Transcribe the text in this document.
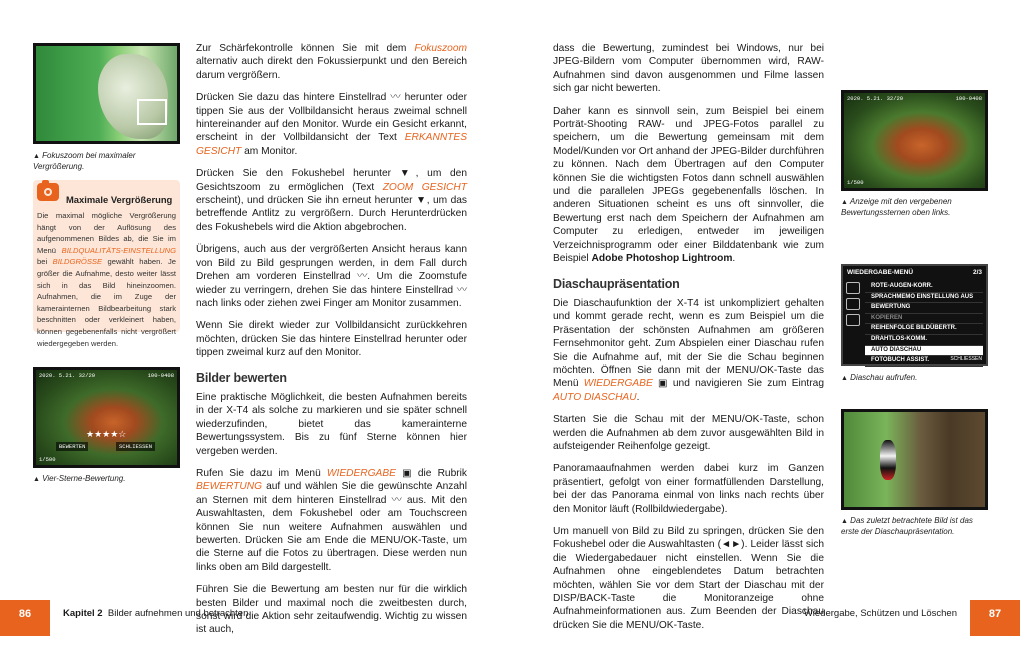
▲ Fokuszoom bei maximaler Vergrößerung.
Maximale Vergrößerung
Die maximal mögliche Vergrößerung hängt von der Auflösung des aufgenommenen Bildes ab, die Sie im Menü BILDQUALITÄTS-EINSTELLUNG bei BILDGRÖSSE gewählt haben. Je größer die Aufnahme, desto weiter lässt sich in das Bild hineinzoomen. Aufnahmen, die im Zuge der kamerainternen Bildbearbeitung stark beschnitten oder verkleinert haben, können gegebenenfalls nicht vergrößert wiedergegeben werden.
2020. 5.21. 32/20	100-0408
★★★★☆
BEWERTEN	SCHLIESSEN
1/500
▲ Vier-Sterne-Bewertung.

Zur Schärfekontrolle können Sie mit dem Fokuszoom alternativ auch direkt den Fokussierpunkt und den Bereich darum vergrößern.

Drücken Sie dazu das hintere Einstellrad 〰 herunter oder tippen Sie aus der Vollbildansicht heraus zweimal schnell hintereinander auf den Monitor. Wurde ein Gesicht erkannt, erscheint in der Vollbildansicht der Text ERKANNTES GESICHT am Monitor.

Drücken Sie den Fokushebel herunter ▼, um den Gesichtszoom zu ermöglichen (Text ZOOM GESICHT erscheint), und drücken Sie ihn erneut herunter ▼, um das betreffende Antlitz zu vergrößern. Durch Herunterdrücken des Fokushebels wird die Aktion abgebrochen.

Übrigens, auch aus der vergrößerten Ansicht heraus kann von Bild zu Bild gesprungen werden, in dem Fall durch Drehen am vorderen Einstellrad 〰. Um die Zoomstufe wieder zu verringern, drehen Sie das hintere Einstellrad 〰 nach links oder ziehen zwei Finger am Monitor zusammen.

Wenn Sie direkt wieder zur Vollbildansicht zurückkehren möchten, drücken Sie das hintere Einstellrad herunter oder tippen zweimal kurz auf den Monitor.

Bilder bewerten

Eine praktische Möglichkeit, die besten Aufnahmen bereits in der X-T4 als solche zu markieren und sie später schnell wiederzufinden, bietet das kamerainterne Bewertungssystem. Bis zu fünf Sterne können hier vergeben werden.

Rufen Sie dazu im Menü WIEDERGABE ▣ die Rubrik BEWERTUNG auf und wählen Sie die gewünschte Anzahl an Sternen mit dem hinteren Einstellrad 〰 aus. Mit den Auswahltasten, dem Fokushebel oder am Touchscreen können Sie nun weitere Aufnahmen auswählen und bewerten. Drücken Sie am Ende die MENU/OK-Taste, um die Sterne auf die Fotos zu übertragen. Diese werden nun links oben am Bild dargestellt.

Führen Sie die Bewertung am besten nur für die wirklich besten Bilder und maximal noch die zweitbesten durch, sonst wird die Aktion sehr zeitaufwendig. Wichtig zu wissen ist auch,

dass die Bewertung, zumindest bei Windows, nur bei JPEG-Bildern vom Computer übernommen wird, RAW-Aufnahmen sind davon ausgenommen und Filme lassen sich gar nicht bewerten.

Daher kann es sinnvoll sein, zum Beispiel bei einem Porträt-Shooting RAW- und JPEG-Fotos parallel zu speichern, um die Bewertung gemeinsam mit dem Model/Kunden vor Ort anhand der JPEG-Bilder durchführen zu können. Nach dem Übertragen auf den Computer können Sie die wichtigsten Fotos dann schnell auswählen und die parallelen JPEGs gegebenenfalls löschen. In anderen Situationen scheint es uns oft sinnvoller, die Bewertung erst nach dem Speichern der Aufnahmen am Computer zu erledigen, entweder im jeweiligen Verzeichnisprogramm oder einer Bilddatenbank wie zum Beispiel Adobe Photoshop Lightroom.

Diaschaupräsentation

Die Diaschaufunktion der X-T4 ist unkompliziert gehalten und kommt gerade recht, wenn es zum Beispiel um die Präsentation der schönsten Aufnahmen am größeren Fernsehmonitor geht. Zum Abspielen einer Diaschau rufen Sie die Aufnahme auf, mit der Sie die Schau beginnen möchten. Öffnen Sie dann mit der MENU/OK-Taste das Menü WIEDERGABE ▣ und navigieren Sie zum Eintrag AUTO DIASCHAU.

Starten Sie die Schau mit der MENU/OK-Taste, schon werden die Aufnahmen ab dem zuvor ausgewählten Bild in aufsteigender Reihenfolge gezeigt.

Panoramaaufnahmen werden dabei kurz im Ganzen präsentiert, gefolgt von einer formatfüllenden Darstellung, bei der das Panorama einmal von links nach rechts über den Monitor läuft (Rollbildwiedergabe).

Um manuell von Bild zu Bild zu springen, drücken Sie den Fokushebel oder die Auswahltasten (◄►). Leider lässt sich die Wiedergabedauer nicht einstellen. Wenn Sie die Aufnahmen ohne eingeblendetes Datum betrachten möchten, wählen Sie vor dem Start der Diaschau mit der DISP/BACK-Taste die Monitoranzeige ohne Aufnahmeinformationen aus. Zum Beenden der Diaschau drücken Sie die MENU/OK-Taste.

2020. 5.21. 32/20	100-0408
1/500
▲ Anzeige mit den vergebenen Bewertungssternen oben links.
WIEDERGABE-MENÜ	2/3
ROTE-AUGEN-KORR.
SPRACHMEMO EINSTELLUNG AUS
BEWERTUNG
KOPIEREN
REIHENFOLGE BILDÜBERTR.
DRAHTLOS-KOMM.
AUTO DIASCHAU
FOTOBUCH ASSIST.	SCHLIESSEN
▲ Diaschau aufrufen.
▲ Das zuletzt betrachtete Bild ist das erste der Diaschaupräsentation.
86	Kapitel 2 Bilder aufnehmen und betrachten	Wiedergabe, Schützen und Löschen	87
